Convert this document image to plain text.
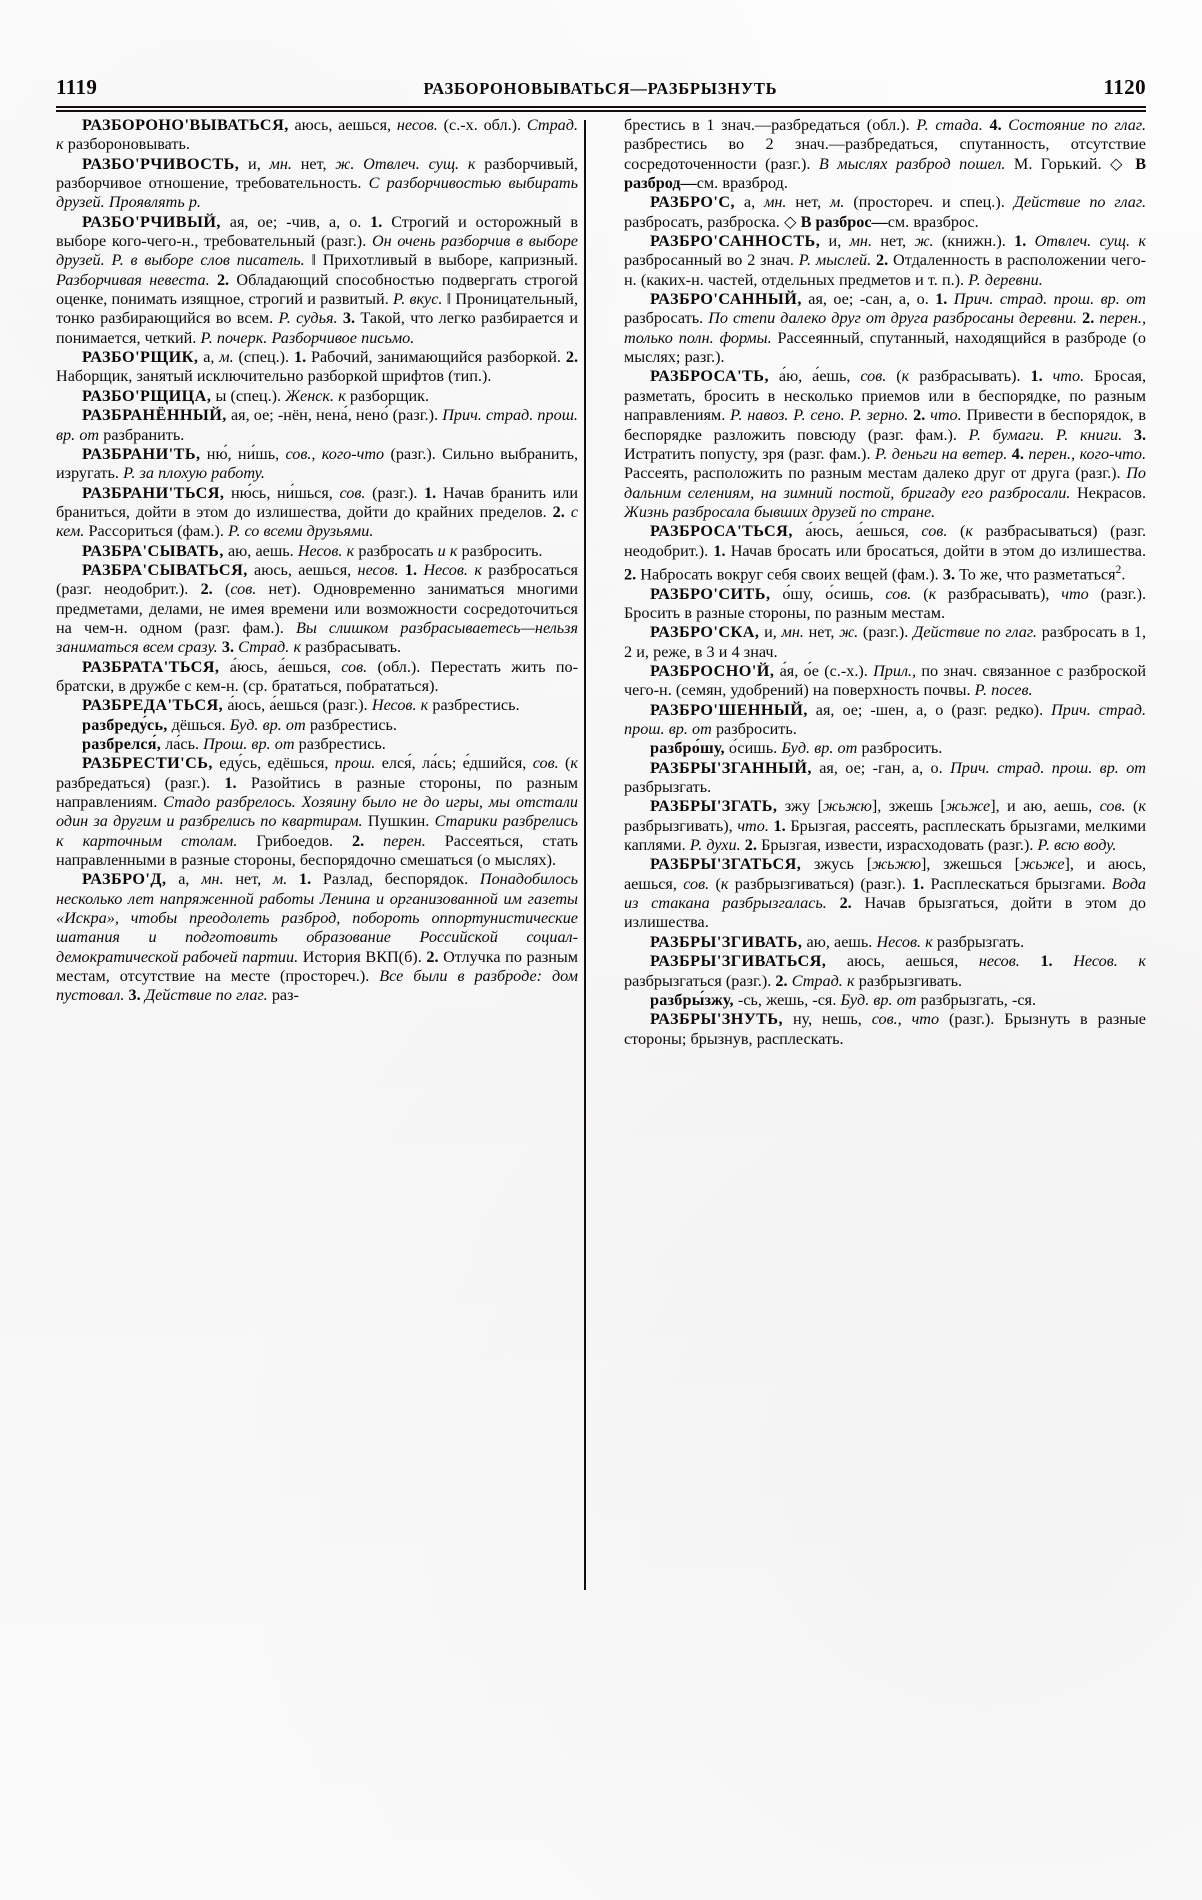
1119	РАЗБОРОНОВЫВАТЬСЯ—РАЗБРЫЗНУТЬ	1120

РАЗБОРОНО'ВЫВАТЬСЯ, аюсь, аешься, несов. (с.-х. обл.). Страд. к разбороновывать.

РАЗБО'РЧИВОСТЬ, и, мн. нет, ж. Отвлеч. сущ. к разборчивый, разборчивое отношение, требовательность. С разборчивостью выбирать друзей. Проявлять р.

РАЗБО'РЧИВЫЙ, ая, ое; -чив, а, о. 1. Строгий и осторожный в выборе кого-чего-н., требовательный (разг.). Он очень разборчив в выборе друзей. Р. в выборе слов писатель. ‖ Прихотливый в выборе, капризный. Разборчивая невеста. 2. Обладающий способностью подвергать строгой оценке, понимать изящное, строгий и развитый. Р. вкус. ‖ Проницательный, тонко разбирающийся во всем. Р. судья. 3. Такой, что легко разбирается и понимается, четкий. Р. почерк. Разборчивое письмо.

РАЗБО'РЩИК, а, м. (спец.). 1. Рабочий, занимающийся разборкой. 2. Наборщик, занятый исключительно разборкой шрифтов (тип.).

РАЗБО'РЩИЦА, ы (спец.). Женск. к разборщик.

РАЗБРАНЁННЫЙ, ая, ое; -нён, нена́, нено́ (разг.). Прич. страд. прош. вр. от разбранить.

РАЗБРАНИ'ТЬ, ню́, ни́шь, сов., кого-что (разг.). Сильно выбранить, изругать. Р. за плохую работу.

РАЗБРАНИ'ТЬСЯ, ню́сь, ни́шься, сов. (разг.). 1. Начав бранить или браниться, дойти в этом до излишества, дойти до крайних пределов. 2. с кем. Рассориться (фам.). Р. со всеми друзьями.

РАЗБРА'СЫВАТЬ, аю, аешь. Несов. к разбросать и к разбросить.

РАЗБРА'СЫВАТЬСЯ, аюсь, аешься, несов. 1. Несов. к разбросаться (разг. неодобрит.). 2. (сов. нет). Одновременно заниматься многими предметами, делами, не имея времени или возможности сосредоточиться на чем-н. одном (разг. фам.). Вы слишком разбрасываетесь—нельзя заниматься всем сразу. 3. Страд. к разбрасывать.

РАЗБРАТА'ТЬСЯ, а́юсь, а́ешься, сов. (обл.). Перестать жить по-братски, в дружбе с кем-н. (ср. брататься, побрататься).

РАЗБРЕДА'ТЬСЯ, а́юсь, а́ешься (разг.). Несов. к разбрестись.

разбреду́сь, дёшься. Буд. вр. от разбрестись.

разбрелся́, ла́сь. Прош. вр. от разбрестись.

РАЗБРЕСТИ'СЬ, еду́сь, едёшься, прош. елся́, ла́сь; е́дшийся, сов. (к разбредаться) (разг.). 1. Разойтись в разные стороны, по разным направлениям. Стадо разбрелось. Хозяину было не до игры, мы отстали один за другим и разбрелись по квартирам. Пушкин. Старики разбрелись к карточным столам. Грибоедов. 2. перен. Рассеяться, стать направленными в разные стороны, беспорядочно смешаться (о мыслях).

РАЗБРО'Д, а, мн. нет, м. 1. Разлад, беспорядок. Понадобилось несколько лет напряженной работы Ленина и организованной им газеты «Искра», чтобы преодолеть разброд, побороть оппортунистические шатания и подготовить образование Российской социал-демократической рабочей партии. История ВКП(б). 2. Отлучка по разным местам, отсутствие на месте (простореч.). Все были в разброде: дом пустовал. 3. Действие по глаг. раз-

брестись в 1 знач.—разбредаться (обл.). Р. стада. 4. Состояние по глаг. разбрестись во 2 знач.—разбредаться, спутанность, отсутствие сосредоточенности (разг.). В мыслях разброд пошел. М. Горький. ◇ В разброд—см. вразброд.

РАЗБРО'С, а, мн. нет, м. (простореч. и спец.). Действие по глаг. разбросать, разброска. ◇ В разброс—см. вразброс.

РАЗБРО'САННОСТЬ, и, мн. нет, ж. (книжн.). 1. Отвлеч. сущ. к разбросанный во 2 знач. Р. мыслей. 2. Отдаленность в расположении чего-н. (каких-н. частей, отдельных предметов и т. п.). Р. деревни.

РАЗБРО'САННЫЙ, ая, ое; -сан, а, о. 1. Прич. страд. прош. вр. от разбросать. По степи далеко друг от друга разбросаны деревни. 2. перен., только полн. формы. Рассеянный, спутанный, находящийся в разброде (о мыслях; разг.).

РАЗБРОСА'ТЬ, а́ю, а́ешь, сов. (к разбрасывать). 1. что. Бросая, разметать, бросить в несколько приемов или в беспорядке, по разным направлениям. Р. навоз. Р. сено. Р. зерно. 2. что. Привести в беспорядок, в беспорядке разложить повсюду (разг. фам.). Р. бумаги. Р. книги. 3. Истратить попусту, зря (разг. фам.). Р. деньги на ветер. 4. перен., кого-что. Рассеять, расположить по разным местам далеко друг от друга (разг.). По дальним селениям, на зимний постой, бригаду его разбросали. Некрасов. Жизнь разбросала бывших друзей по стране.

РАЗБРОСА'ТЬСЯ, а́юсь, а́ешься, сов. (к разбрасываться) (разг. неодобрит.). 1. Начав бросать или бросаться, дойти в этом до излишества. 2. Набросать вокруг себя своих вещей (фам.). 3. То же, что разметаться$^2$.

РАЗБРО'СИТЬ, о́шу, о́сишь, сов. (к разбрасывать), что (разг.). Бросить в разные стороны, по разным местам.

РАЗБРО'СКА, и, мн. нет, ж. (разг.). Действие по глаг. разбросать в 1, 2 и, реже, в 3 и 4 знач.

РАЗБРОСНО'Й, а́я, о́е (с.-х.). Прил., по знач. связанное с разброской чего-н. (семян, удобрений) на поверхность почвы. Р. посев.

РАЗБРО'ШЕННЫЙ, ая, ое; -шен, а, о (разг. редко). Прич. страд. прош. вр. от разбросить.

разбро́шу, о́сишь. Буд. вр. от разбросить.

РАЗБРЫ'ЗГАННЫЙ, ая, ое; -ган, а, о. Прич. страд. прош. вр. от разбрызгать.

РАЗБРЫ'ЗГАТЬ, зжу [жьжю], зжешь [жьже], и аю, аешь, сов. (к разбрызгивать), что. 1. Брызгая, рассеять, расплескать брызгами, мелкими каплями. Р. духи. 2. Брызгая, извести, израсходовать (разг.). Р. всю воду.

РАЗБРЫ'ЗГАТЬСЯ, зжусь [жьжю], зжешься [жьже], и аюсь, аешься, сов. (к разбрызгиваться) (разг.). 1. Расплескаться брызгами. Вода из стакана разбрызгалась. 2. Начав брызгаться, дойти в этом до излишества.

РАЗБРЫ'ЗГИВАТЬ, аю, аешь. Несов. к разбрызгать.

РАЗБРЫ'ЗГИВАТЬСЯ, аюсь, аешься, несов. 1. Несов. к разбрызгаться (разг.). 2. Страд. к разбрызгивать.

разбры́зжу, -сь, жешь, -ся. Буд. вр. от разбрызгать, -ся.

РАЗБРЫ'ЗНУТЬ, ну, нешь, сов., что (разг.). Брызнуть в разные стороны; брызнув, расплескать.
